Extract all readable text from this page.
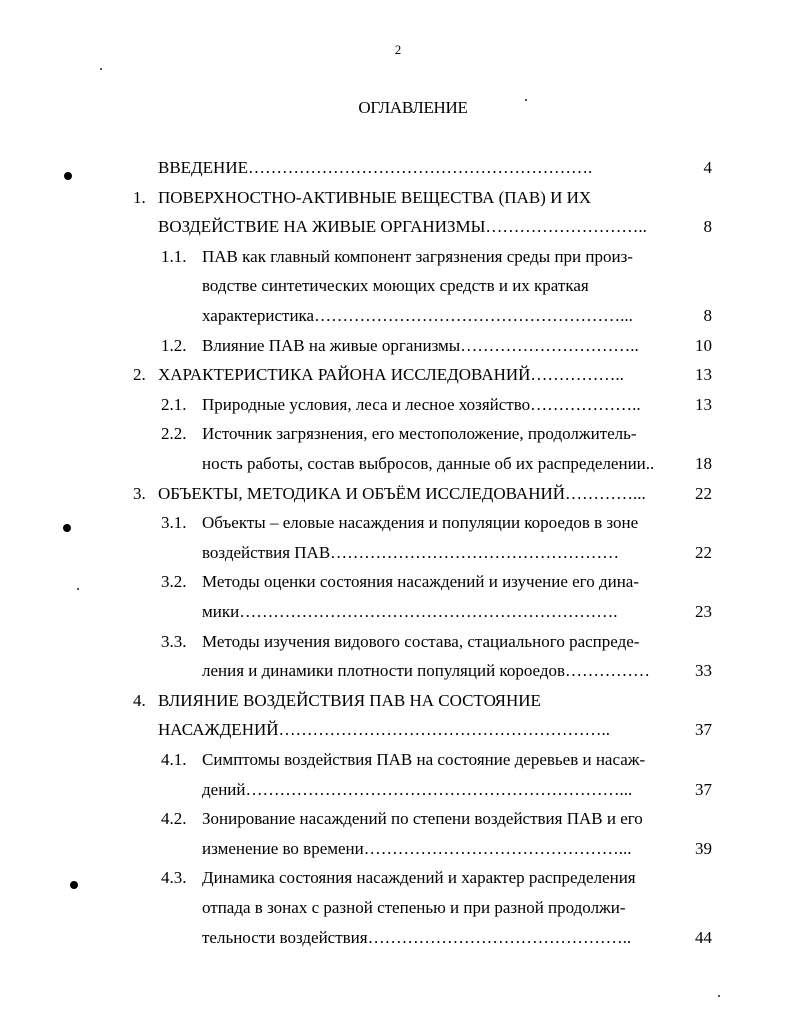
2
ОГЛАВЛЕНИЕ
ВВЕДЕНИЕ…………………………………………………….	4
1. ПОВЕРХНОСТНО-АКТИВНЫЕ ВЕЩЕСТВА (ПАВ) И ИХ
ВОЗДЕЙСТВИЕ НА ЖИВЫЕ ОРГАНИЗМЫ………………………..	8
1.1. ПАВ как главный компонент загрязнения среды при произ-
водстве синтетических моющих средств и их краткая
характеристика………………………………………………...	8
1.2. Влияние ПАВ на живые организмы…………………………..	10
2. ХАРАКТЕРИСТИКА РАЙОНА ИССЛЕДОВАНИЙ……………..	13
2.1. Природные условия, леса и лесное хозяйство………………..	13
2.2. Источник загрязнения, его местоположение, продолжитель-
ность работы, состав выбросов, данные об их распределении..	18
3. ОБЪЕКТЫ, МЕТОДИКА И ОБЪЁМ ИССЛЕДОВАНИЙ…………...	22
3.1. Объекты – еловые насаждения и популяции короедов в зоне
воздействия ПАВ……………………………………………	22
3.2. Методы оценки состояния насаждений и изучение его дина-
мики………………………………………………………….	23
3.3. Методы изучения видового состава, стациального распреде-
ления и динамики плотности популяций короедов……………	33
4. ВЛИЯНИЕ ВОЗДЕЙСТВИЯ ПАВ НА СОСТОЯНИЕ
НАСАЖДЕНИЙ…………………………………………………..	37
4.1. Симптомы воздействия ПАВ на состояние деревьев и насаж-
дений…………………………………………………………...	37
4.2. Зонирование насаждений по степени воздействия ПАВ и его
изменение во времени………………………………………...	39
4.3. Динамика состояния насаждений и характер распределения
отпада в зонах с разной степенью и при разной продолжи-
тельности воздействия………………………………………..	44
